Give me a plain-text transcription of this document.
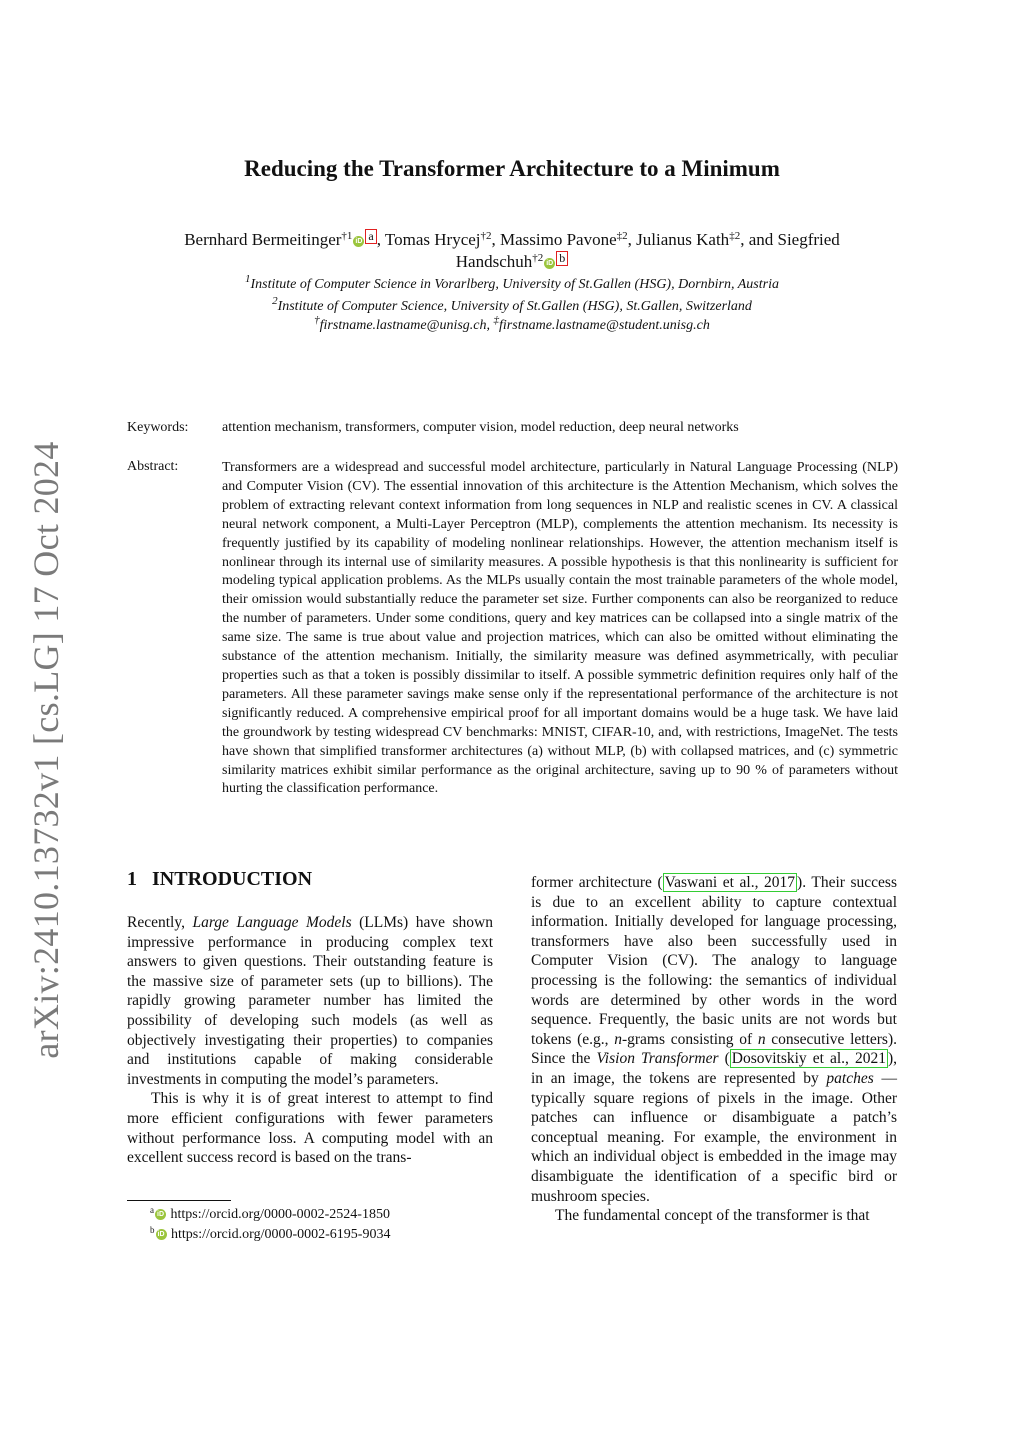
arXiv:2410.13732v1 [cs.LG] 17 Oct 2024
Reducing the Transformer Architecture to a Minimum
Bernhard Bermeitinger$^{\dagger 1}$ iD a , Tomas Hrycej$^{\dagger 2}$, Massimo Pavone$^{\ddagger 2}$, Julianus Kath$^{\ddagger 2}$, and Siegfried
Handschuh$^{\dagger 2}$ iD b
$^1$Institute of Computer Science in Vorarlberg, University of St.Gallen (HSG), Dornbirn, Austria
$^2$Institute of Computer Science, University of St.Gallen (HSG), St.Gallen, Switzerland
†firstname.lastname@unisg.ch, ‡firstname.lastname@student.unisg.ch
Keywords: attention mechanism, transformers, computer vision, model reduction, deep neural networks
Abstract:	Transformers are a widespread and successful model architecture, particularly in Natural Language Processing (NLP) and Computer Vision (CV). The essential innovation of this architecture is the Attention Mechanism, which solves the problem of extracting relevant context information from long sequences in NLP and realistic scenes in CV. A classical neural network component, a Multi-Layer Perceptron (MLP), complements the attention mechanism. Its necessity is frequently justified by its capability of modeling nonlinear relationships. However, the attention mechanism itself is nonlinear through its internal use of similarity measures. A possible hypothesis is that this nonlinearity is sufficient for modeling typical application problems. As the MLPs usually contain the most trainable parameters of the whole model, their omission would substantially reduce the parameter set size. Further components can also be reorganized to reduce the number of parameters. Under some conditions, query and key matrices can be collapsed into a single matrix of the same size. The same is true about value and projection matrices, which can also be omitted without eliminating the substance of the attention mechanism. Initially, the similarity measure was defined asymmetrically, with peculiar properties such as that a token is possibly dissimilar to itself. A possible symmetric definition requires only half of the parameters. All these parameter savings make sense only if the representational performance of the architecture is not significantly reduced. A comprehensive empirical proof for all important domains would be a huge task. We have laid the groundwork by testing widespread CV benchmarks: MNIST, CIFAR-10, and, with restrictions, ImageNet. The tests have shown that simplified transformer architectures (a) without MLP, (b) with collapsed matrices, and (c) symmetric similarity matrices exhibit similar performance as the original architecture, saving up to 90 % of parameters without hurting the classification performance.
1 INTRODUCTION

Recently, Large Language Models (LLMs) have shown impressive performance in producing complex text answers to given questions. Their outstanding feature is the massive size of parameter sets (up to billions). The rapidly growing parameter number has limited the possibility of developing such models (as well as objectively investigating their properties) to companies and institutions capable of making considerable investments in computing the model’s parameters.

This is why it is of great interest to attempt to find more efficient configurations with fewer parameters without performance loss. A computing model with an excellent success record is based on the trans-

former architecture ( Vaswani et al., 2017 ). Their success is due to an excellent ability to capture contextual information. Initially developed for language processing, transformers have also been successfully used in Computer Vision (CV). The analogy to language processing is the following: the semantics of individual words are determined by other words in the word sequence. Frequently, the basic units are not words but tokens (e.g., n-grams consisting of n consecutive letters). Since the Vision Transformer ( Dosovitskiy et al., 2021 ), in an image, the tokens are represented by patches — typically square regions of pixels in the image. Other patches can influence or disambiguate a patch’s conceptual meaning. For example, the environment in which an individual object is embedded in the image may disambiguate the identification of a specific bird or mushroom species.

The fundamental concept of the transformer is that

$^a$ iD https://orcid.org/0000-0002-2524-1850
$^b$ iD https://orcid.org/0000-0002-6195-9034
